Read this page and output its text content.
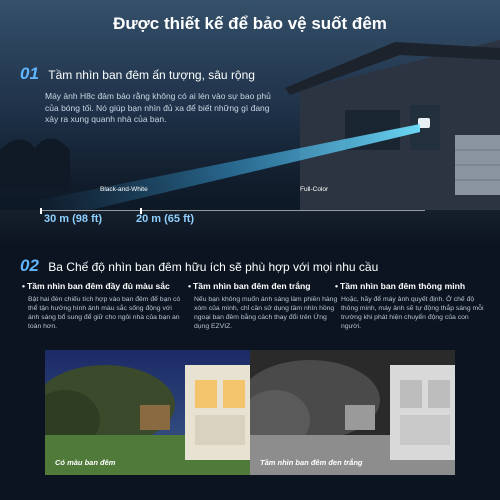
Được thiết kế để bảo vệ suốt đêm
01 Tầm nhìn ban đêm ấn tượng, sâu rộng
Máy ảnh H8c đảm bảo rằng không có ai lén vào sự bao phủ của bóng tối. Nó giúp bạn nhìn đủ xa để biết những gì đang xảy ra xung quanh nhà của bạn.
Black-and-White	Full-Color
30 m (98 ft)	20 m (65 ft)
02 Ba Chế độ nhìn ban đêm hữu ích sẽ phù hợp với mọi nhu cầu
• Tầm nhìn ban đêm đầy đủ màu sắc
Bật hai đèn chiếu tích hợp vào ban đêm để bạn có thể tận hưởng hình ảnh màu sắc sống động với ánh sáng bổ sung để giữ cho ngôi nhà của bạn an toàn hơn.
• Tầm nhìn ban đêm đen trắng
Nếu bạn không muốn ánh sáng làm phiền hàng xóm của mình, chỉ cần sử dụng tầm nhìn hồng ngoại ban đêm bằng cách thay đổi trên Ứng dụng EZVIZ.
• Tầm nhìn ban đêm thông minh
Hoặc, hãy để máy ảnh quyết định. Ở chế độ thông minh, máy ảnh sẽ tự động thắp sáng mỗi trường khi phát hiện chuyển động của con người.
Có màu ban đêm	Tầm nhìn ban đêm đen trắng
